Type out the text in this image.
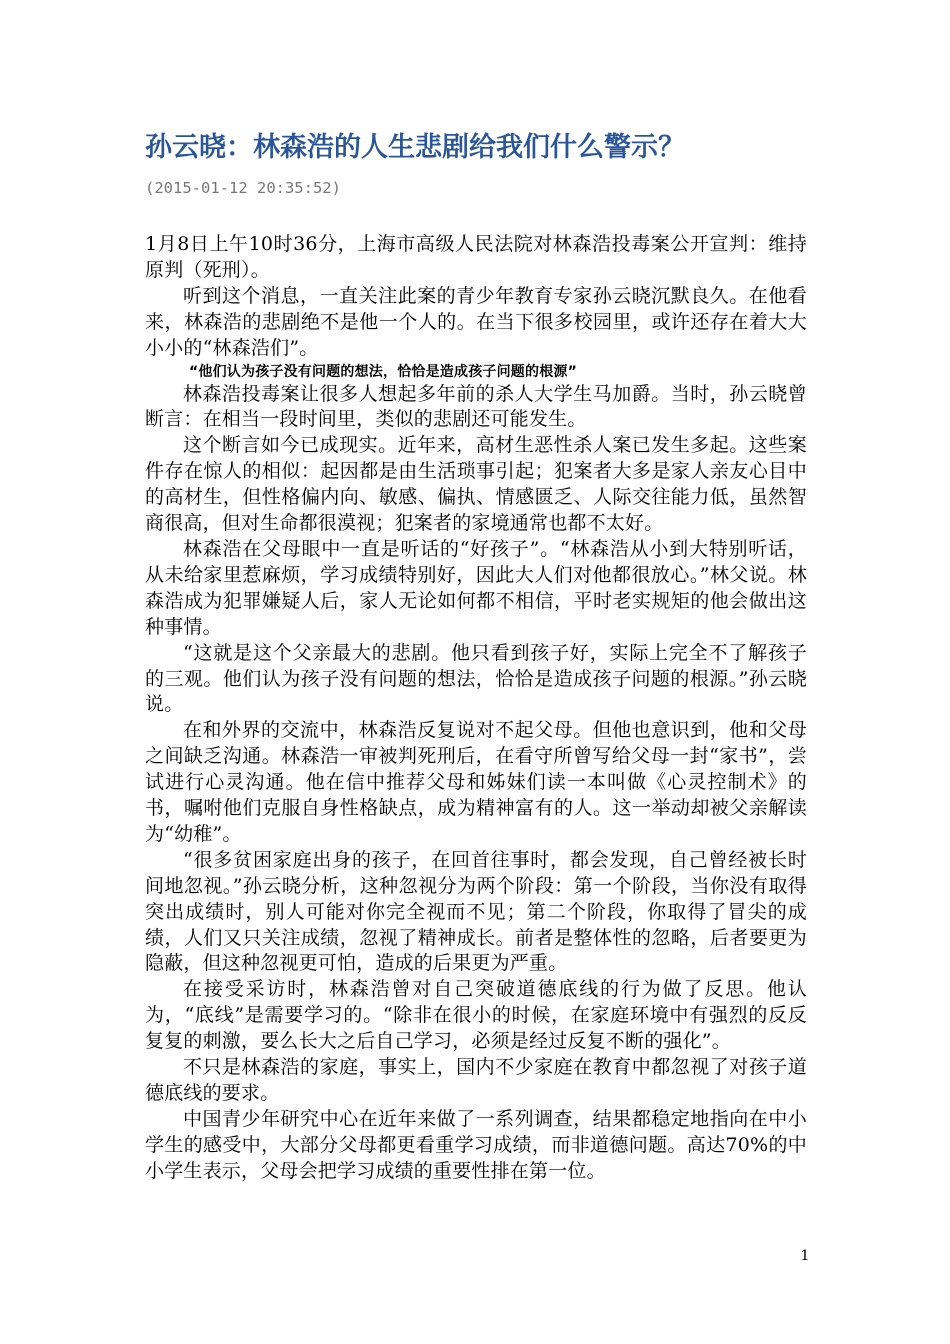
孙云晓：林森浩的人生悲剧给我们什么警示？
(2015-01-12 20:35:52)

1月8日上午10时36分，上海市高级人民法院对林森浩投毒案公开宣判：维持原判（死刑）。

听到这个消息，一直关注此案的青少年教育专家孙云晓沉默良久。在他看来，林森浩的悲剧绝不是他一个人的。在当下很多校园里，或许还存在着大大小小的“林森浩们”。

“他们认为孩子没有问题的想法，恰恰是造成孩子问题的根源”

林森浩投毒案让很多人想起多年前的杀人大学生马加爵。当时，孙云晓曾断言：在相当一段时间里，类似的悲剧还可能发生。

这个断言如今已成现实。近年来，高材生恶性杀人案已发生多起。这些案件存在惊人的相似：起因都是由生活琐事引起；犯案者大多是家人亲友心目中的高材生，但性格偏内向、敏感、偏执、情感匮乏、人际交往能力低，虽然智商很高，但对生命都很漠视；犯案者的家境通常也都不太好。

林森浩在父母眼中一直是听话的“好孩子”。“林森浩从小到大特别听话，从未给家里惹麻烦，学习成绩特别好，因此大人们对他都很放心。”林父说。林森浩成为犯罪嫌疑人后，家人无论如何都不相信，平时老实规矩的他会做出这种事情。

“这就是这个父亲最大的悲剧。他只看到孩子好，实际上完全不了解孩子的三观。他们认为孩子没有问题的想法，恰恰是造成孩子问题的根源。”孙云晓说。

在和外界的交流中，林森浩反复说对不起父母。但他也意识到，他和父母之间缺乏沟通。林森浩一审被判死刑后，在看守所曾写给父母一封“家书”，尝试进行心灵沟通。他在信中推荐父母和姊妹们读一本叫做《心灵控制术》的书，嘱咐他们克服自身性格缺点，成为精神富有的人。这一举动却被父亲解读为“幼稚”。

“很多贫困家庭出身的孩子，在回首往事时，都会发现，自己曾经被长时间地忽视。”孙云晓分析，这种忽视分为两个阶段：第一个阶段，当你没有取得突出成绩时，别人可能对你完全视而不见；第二个阶段，你取得了冒尖的成绩，人们又只关注成绩，忽视了精神成长。前者是整体性的忽略，后者要更为隐蔽，但这种忽视更可怕，造成的后果更为严重。

在接受采访时，林森浩曾对自己突破道德底线的行为做了反思。他认为，“底线”是需要学习的。“除非在很小的时候，在家庭环境中有强烈的反反复复的刺激，要么长大之后自己学习，必须是经过反复不断的强化”。

不只是林森浩的家庭，事实上，国内不少家庭在教育中都忽视了对孩子道德底线的要求。

中国青少年研究中心在近年来做了一系列调查，结果都稳定地指向在中小学生的感受中，大部分父母都更看重学习成绩，而非道德问题。高达70%的中小学生表示，父母会把学习成绩的重要性排在第一位。

1
